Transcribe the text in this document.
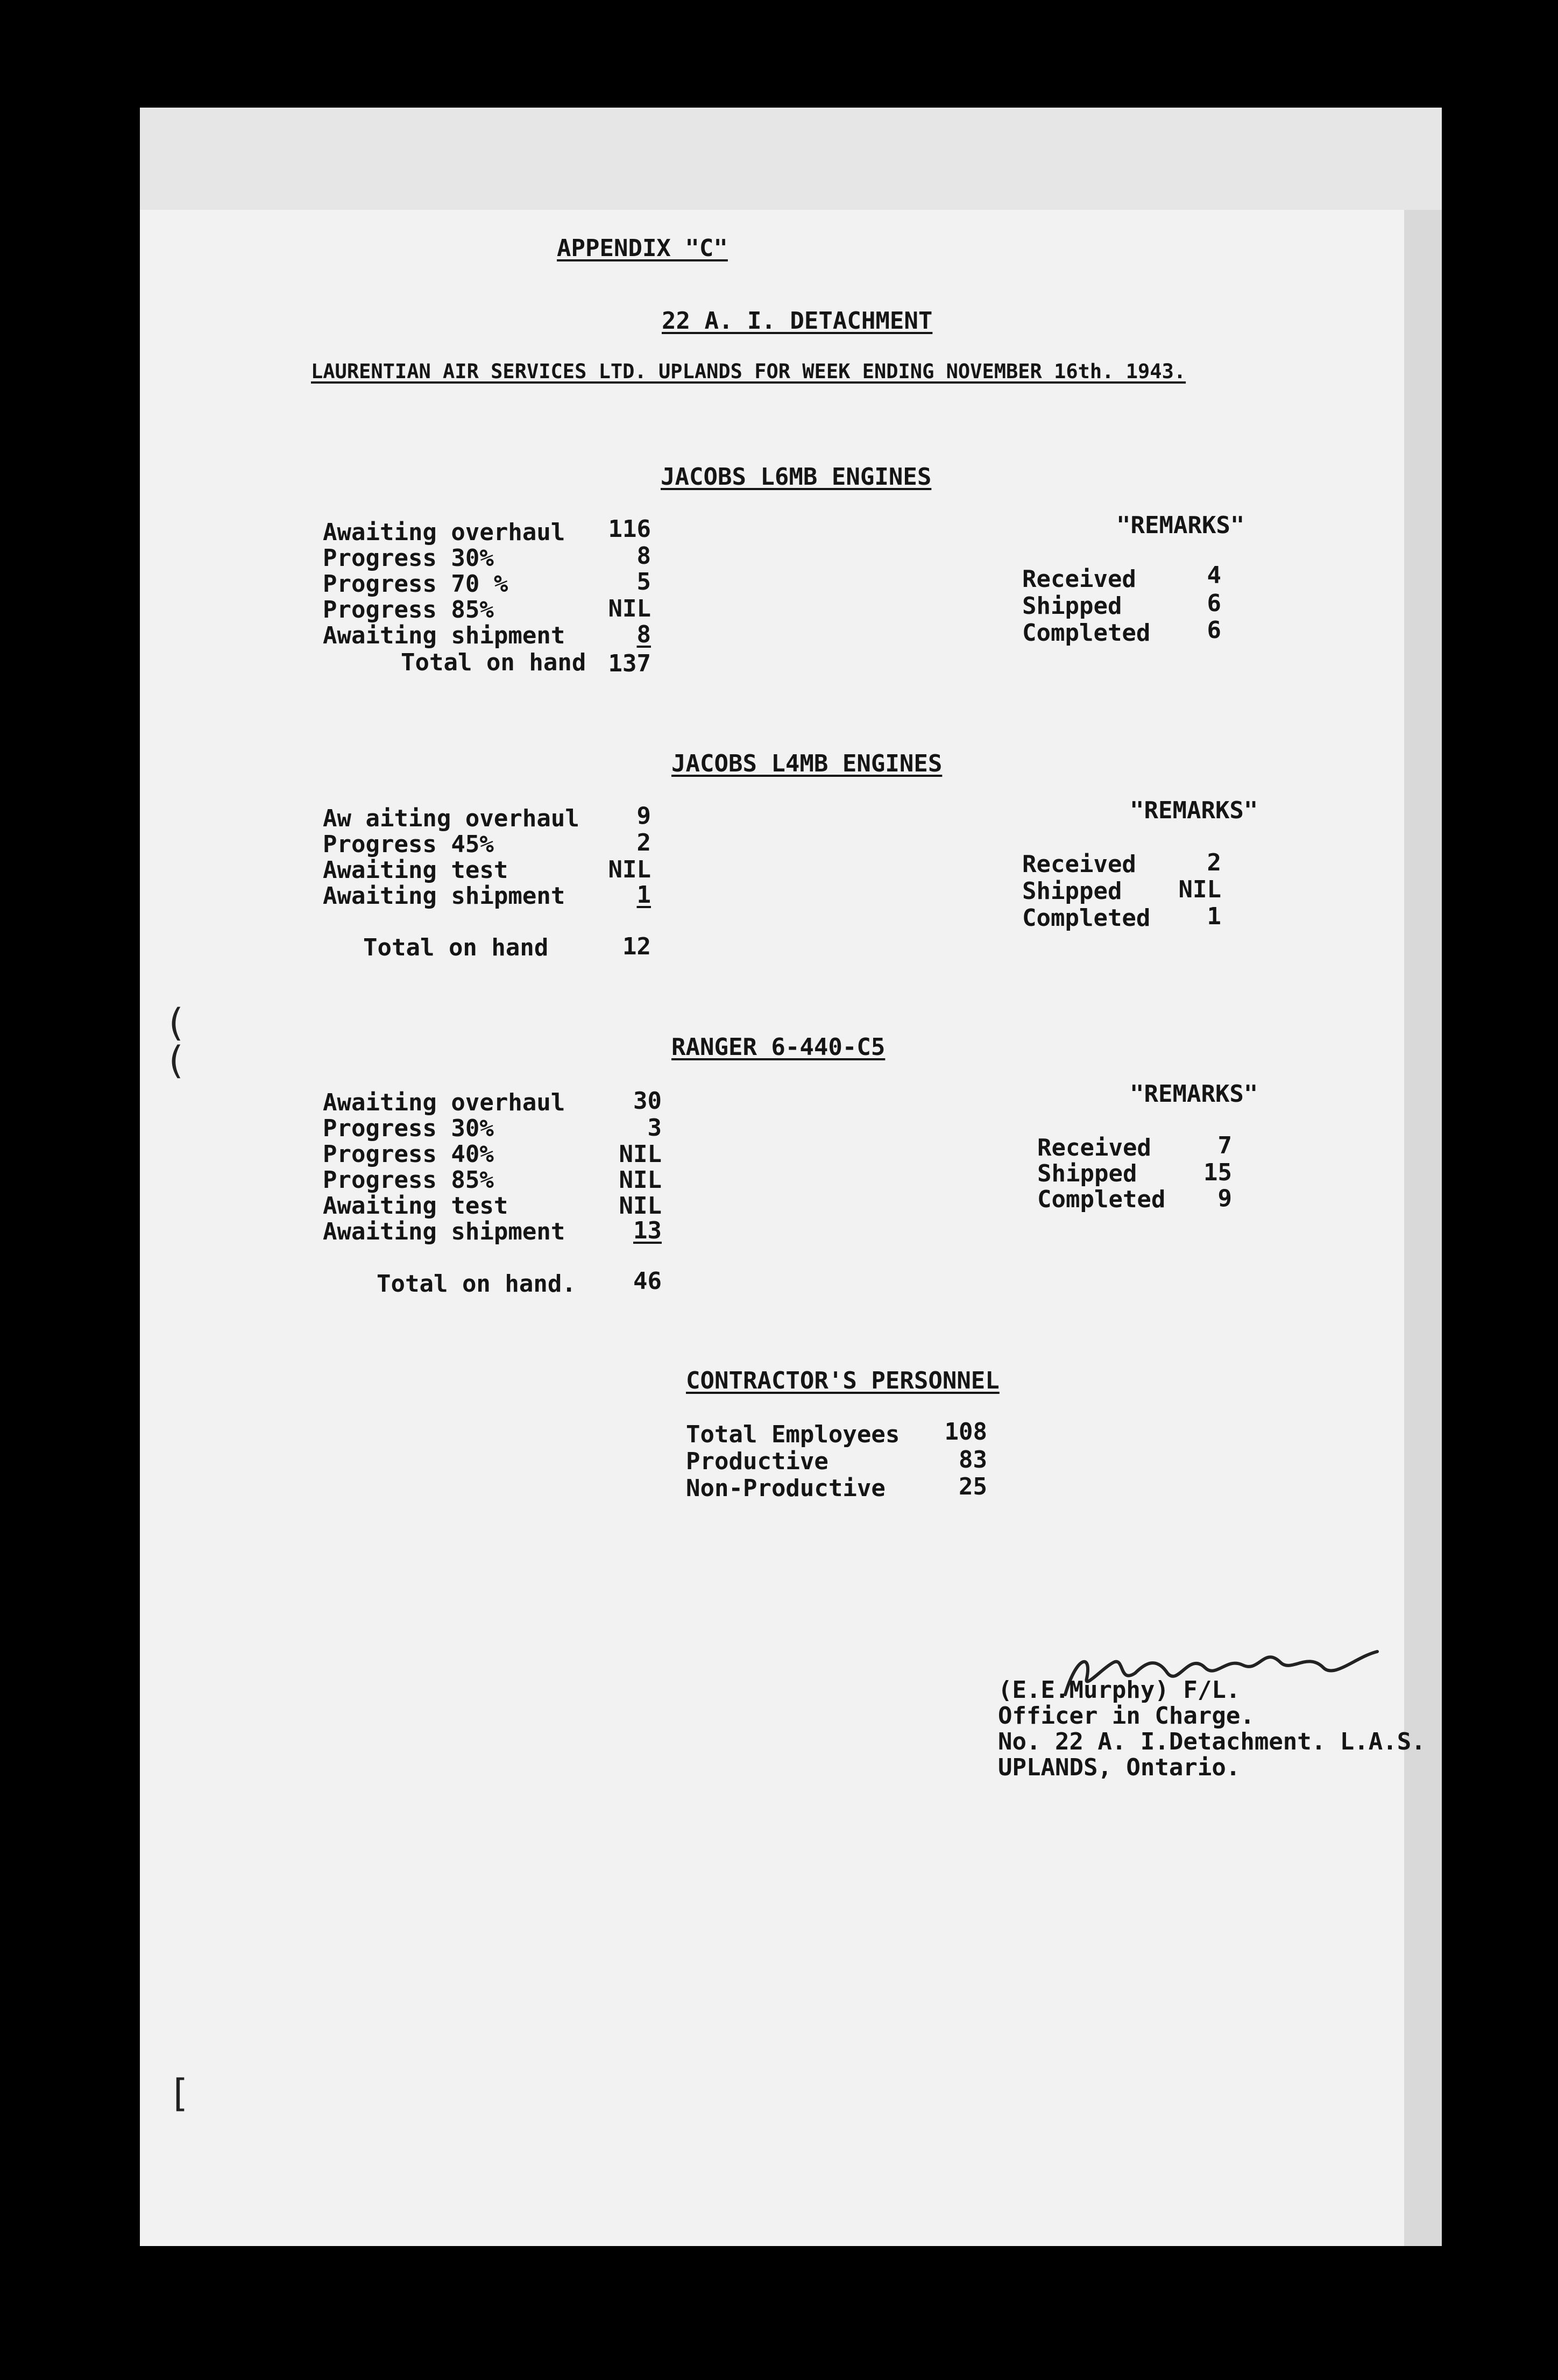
APPENDIX "C"
22 A. I. DETACHMENT
LAURENTIAN AIR SERVICES LTD. UPLANDS FOR WEEK ENDING NOVEMBER 16th. 1943.
JACOBS L6MB ENGINES
"REMARKS"
Awaiting overhaul	116
Progress 30%	8
Progress 70 %	5
Progress 85%	NIL
Awaiting shipment	8
Total on hand 137
Received	4
Shipped	6
Completed	6
JACOBS L4MB ENGINES
"REMARKS"
Aw aiting overhaul	9
Progress 45%	2
Awaiting test	NIL
Awaiting shipment	1
Total on hand	12
Received	2
Shipped	NIL
Completed	1
RANGER 6-440-C5
"REMARKS"
Awaiting overhaul	30
Progress 30%	3
Progress 40%	NIL
Progress 85%	NIL
Awaiting test	NIL
Awaiting shipment	13
Total on hand.	46
Received	7
Shipped	15
Completed	9
CONTRACTOR'S PERSONNEL
Total Employees	108
Productive	83
Non-Productive	25
(E.E.Murphy) F/L.
Officer in Charge.
No. 22 A. I.Detachment. L.A.S.
UPLANDS, Ontario.
(
(
[
